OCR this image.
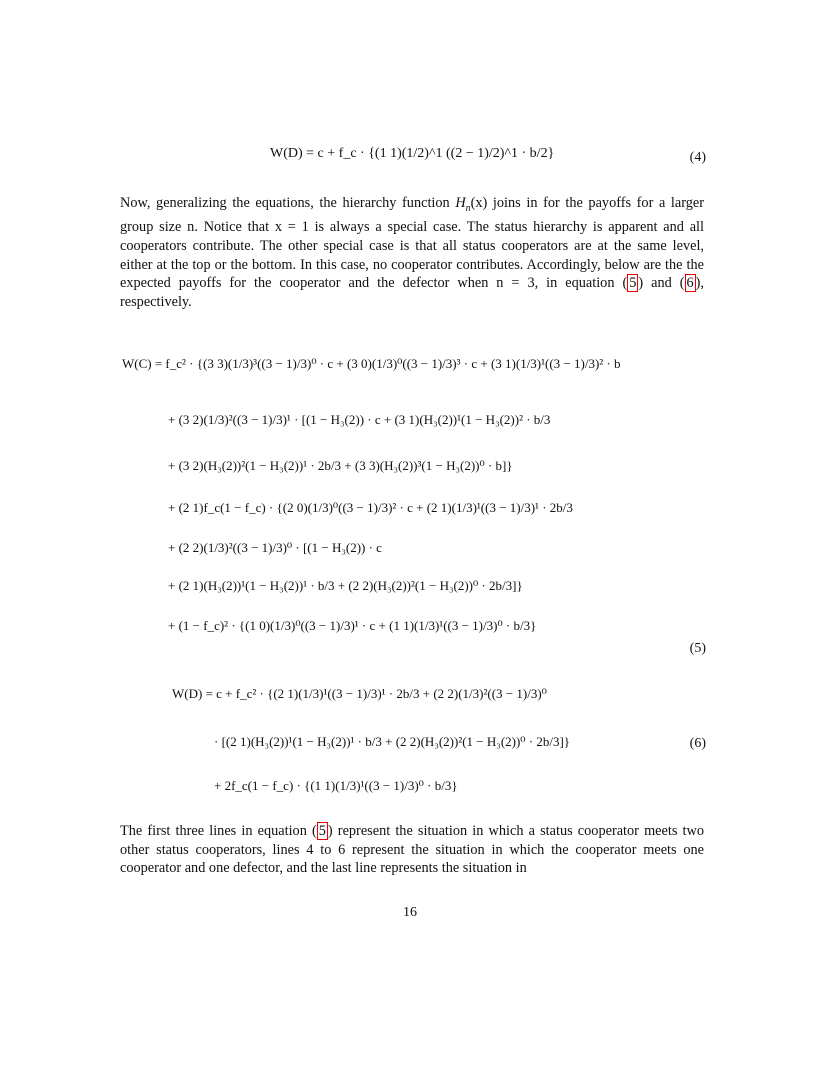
W(D) = c + f_c · {(1 1)(1/2)^1 ((2 − 1)/2)^1 · b/2}	(4)
Now, generalizing the equations, the hierarchy function $H_n(x)$ joins in for the payoffs for a larger group size n. Notice that x = 1 is always a special case. The status hierarchy is apparent and all cooperators contribute. The other special case is that all status cooperators are at the same level, either at the top or the bottom. In this case, no cooperator contributes. Accordingly, below are the the expected payoffs for the cooperator and the defector when n = 3, in equation ( 5 ) and ( 6 ), respectively.
W(C) = f_c² · {(3 3)(1/3)³((3 − 1)/3)⁰ · c + (3 0)(1/3)⁰((3 − 1)/3)³ · c + (3 1)(1/3)¹((3 − 1)/3)² · b
+ (3 2)(1/3)²((3 − 1)/3)¹ · [(1 − H₃(2)) · c + (3 1)(H₃(2))¹(1 − H₃(2))² · b/3
+ (3 2)(H₃(2))²(1 − H₃(2))¹ · 2b/3 + (3 3)(H₃(2))³(1 − H₃(2))⁰ · b]}
+ (2 1)f_c(1 − f_c) · {(2 0)(1/3)⁰((3 − 1)/3)² · c + (2 1)(1/3)¹((3 − 1)/3)¹ · 2b/3
+ (2 2)(1/3)²((3 − 1)/3)⁰ · [(1 − H₃(2)) · c
+ (2 1)(H₃(2))¹(1 − H₃(2))¹ · b/3 + (2 2)(H₃(2))²(1 − H₃(2))⁰ · 2b/3]}
+ (1 − f_c)² · {(1 0)(1/3)⁰((3 − 1)/3)¹ · c + (1 1)(1/3)¹((3 − 1)/3)⁰ · b/3}
(5)
W(D) = c + f_c² · {(2 1)(1/3)¹((3 − 1)/3)¹ · 2b/3 + (2 2)(1/3)²((3 − 1)/3)⁰
· [(2 1)(H₃(2))¹(1 − H₃(2))¹ · b/3 + (2 2)(H₃(2))²(1 − H₃(2))⁰ · 2b/3]}
+ 2f_c(1 − f_c) · {(1 1)(1/3)¹((3 − 1)/3)⁰ · b/3}
(6)
The first three lines in equation ( 5 ) represent the situation in which a status cooperator meets two other status cooperators, lines 4 to 6 represent the situation in which the cooperator meets one cooperator and one defector, and the last line represents the situation in
16
